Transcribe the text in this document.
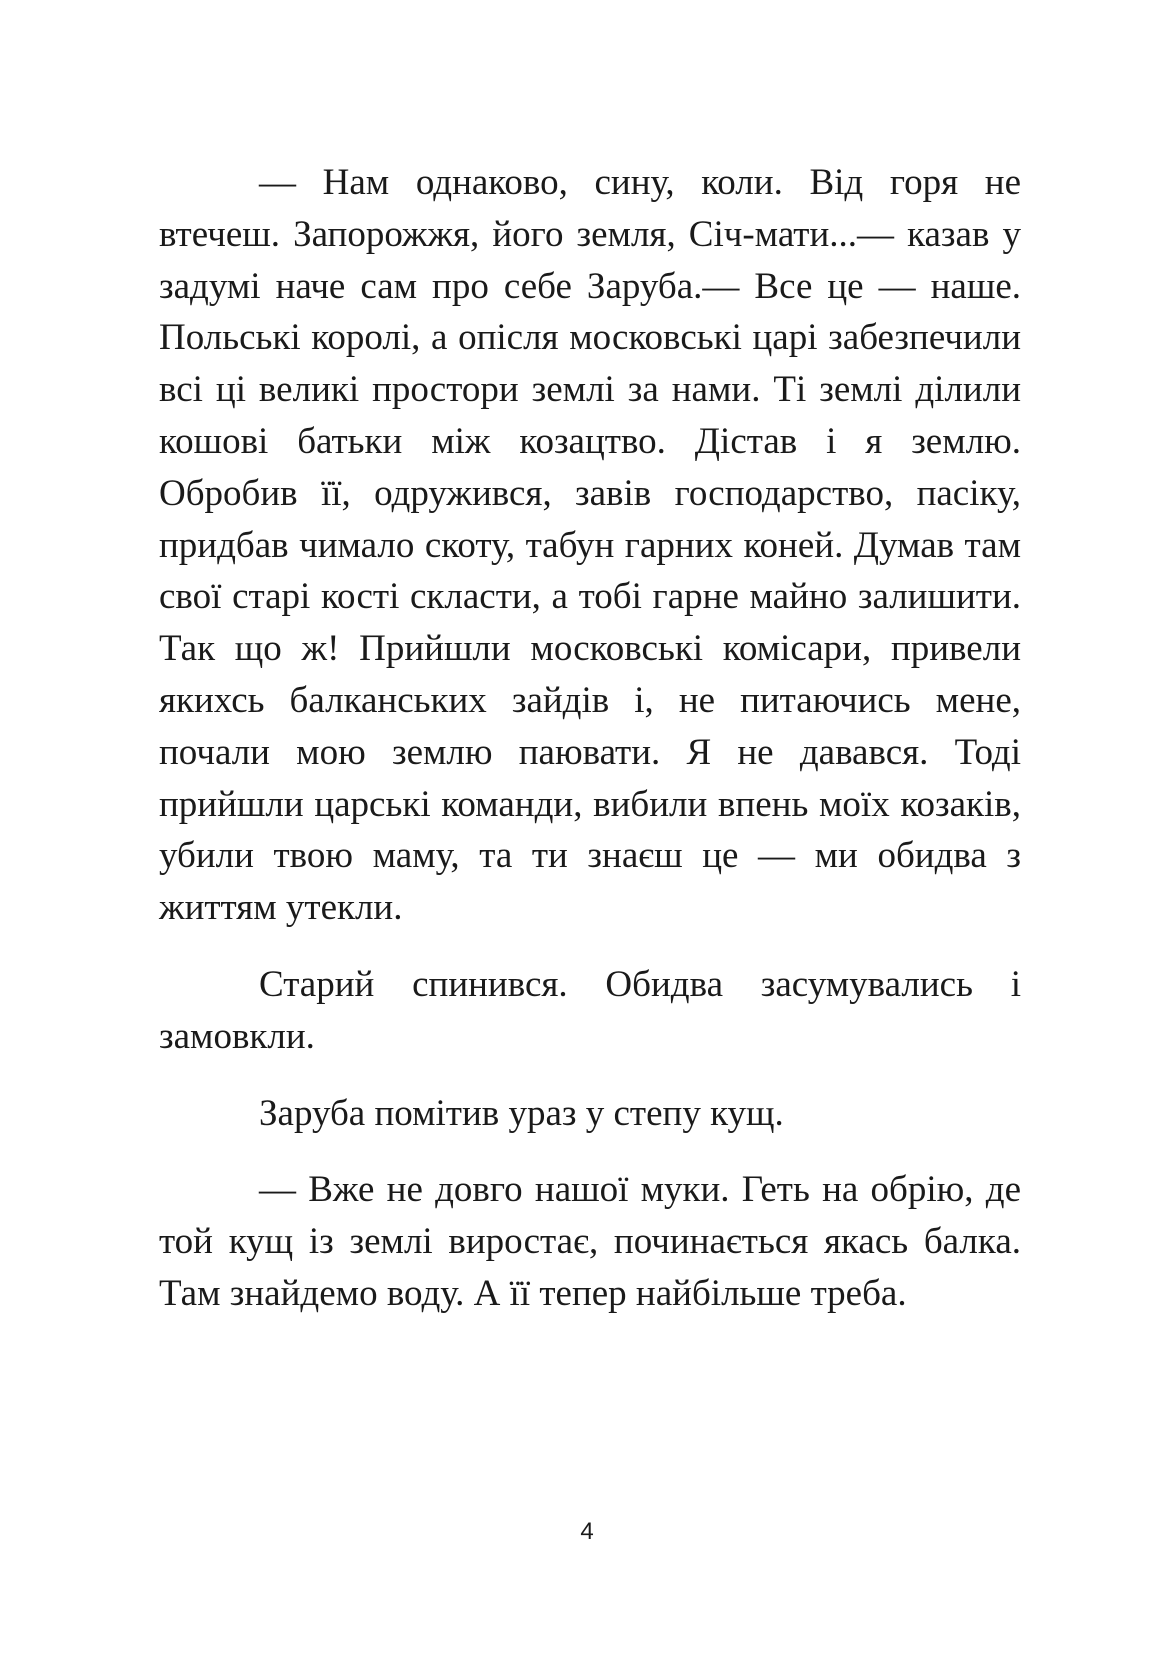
— Нам однаково, сину, коли. Від горя не втечеш. Запорожжя, його земля, Січ-мати...— казав у задумі наче сам про себе Заруба.— Все це — наше. Польські королі, а опісля московські царі забезпечили всі ці великі простори землі за нами. Ті землі ділили кошові батьки між козацтво. Дістав і я землю. Обробив її, одружився, завів господарство, пасіку, придбав чимало скоту, табун гарних коней. Думав там свої старі кості скласти, а тобі гарне майно залишити. Так що ж! Прийшли московські комісари, привели якихсь балканських зайдів і, не питаючись мене, почали мою землю паювати. Я не давався. Тоді прийшли царські команди, вибили впень моїх козаків, убили твою маму, та ти знаєш це — ми обидва з життям утекли.

Старий спинився. Обидва засумувались і замовкли.

Заруба помітив ураз у степу кущ.

— Вже не довго нашої муки. Геть на обрію, де той кущ із землі виростає, починається якась балка. Там знайдемо воду. А її тепер найбільше треба.

4
